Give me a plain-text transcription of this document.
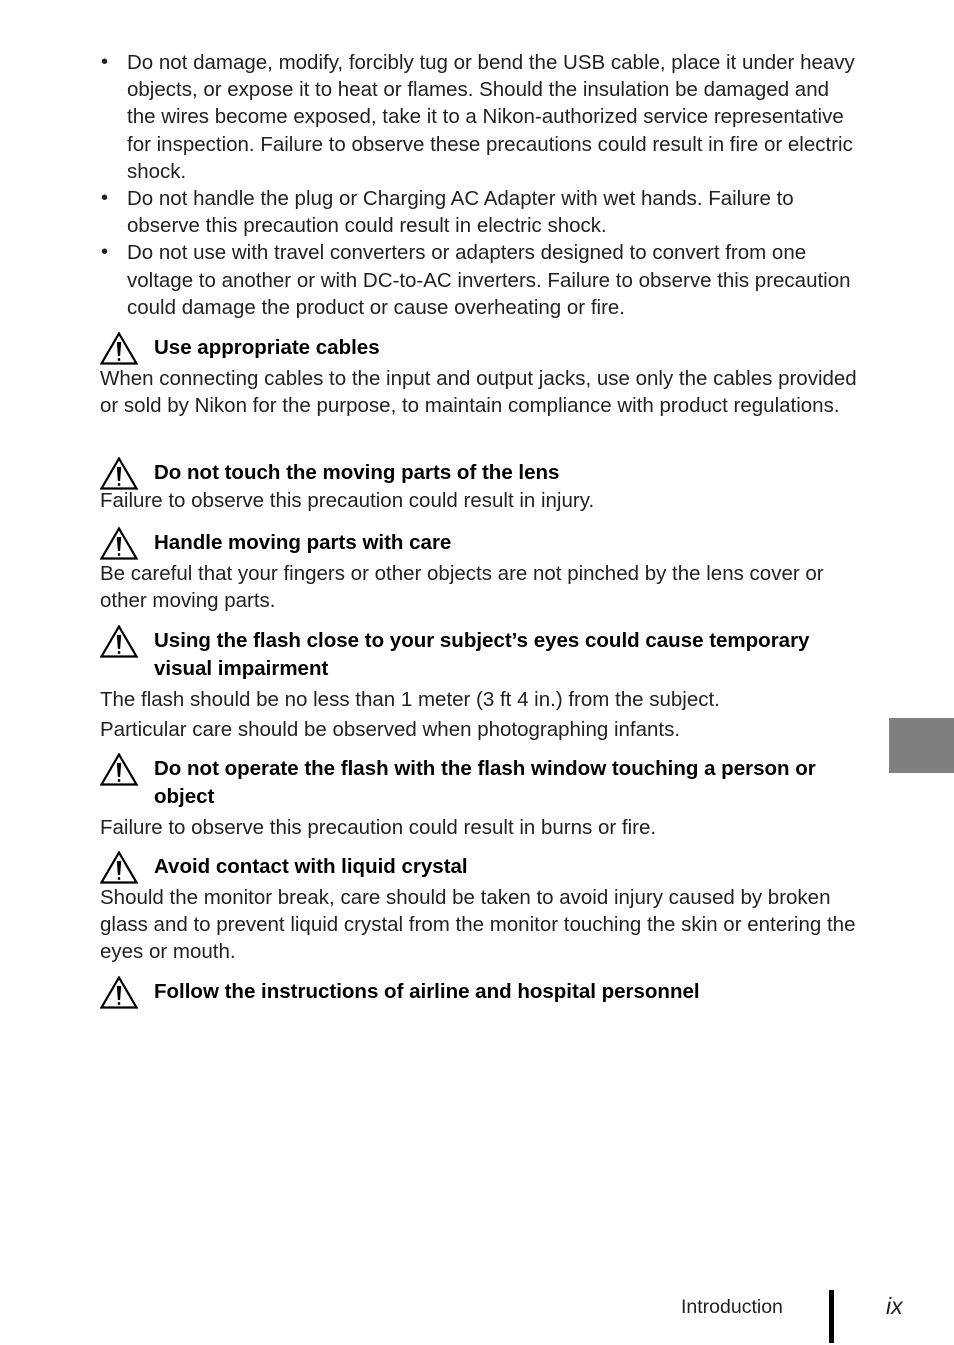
• Do not damage, modify, forcibly tug or bend the USB cable, place it under heavy objects, or expose it to heat or flames. Should the insulation be damaged and the wires become exposed, take it to a Nikon-authorized service representative for inspection. Failure to observe these precautions could result in fire or electric shock.
• Do not handle the plug or Charging AC Adapter with wet hands. Failure to observe this precaution could result in electric shock.
• Do not use with travel converters or adapters designed to convert from one voltage to another or with DC-to-AC inverters. Failure to observe this precaution could damage the product or cause overheating or fire.
Use appropriate cables

When connecting cables to the input and output jacks, use only the cables provided or sold by Nikon for the purpose, to maintain compliance with product regulations.

Do not touch the moving parts of the lens

Failure to observe this precaution could result in injury.

Handle moving parts with care

Be careful that your fingers or other objects are not pinched by the lens cover or other moving parts.

Using the flash close to your subject’s eyes could cause temporary visual impairment

The flash should be no less than 1 meter (3 ft 4 in.) from the subject.

Particular care should be observed when photographing infants.

Do not operate the flash with the flash window touching a person or object

Failure to observe this precaution could result in burns or fire.

Avoid contact with liquid crystal

Should the monitor break, care should be taken to avoid injury caused by broken glass and to prevent liquid crystal from the monitor touching the skin or entering the eyes or mouth.

Follow the instructions of airline and hospital personnel
Introduction	ix
